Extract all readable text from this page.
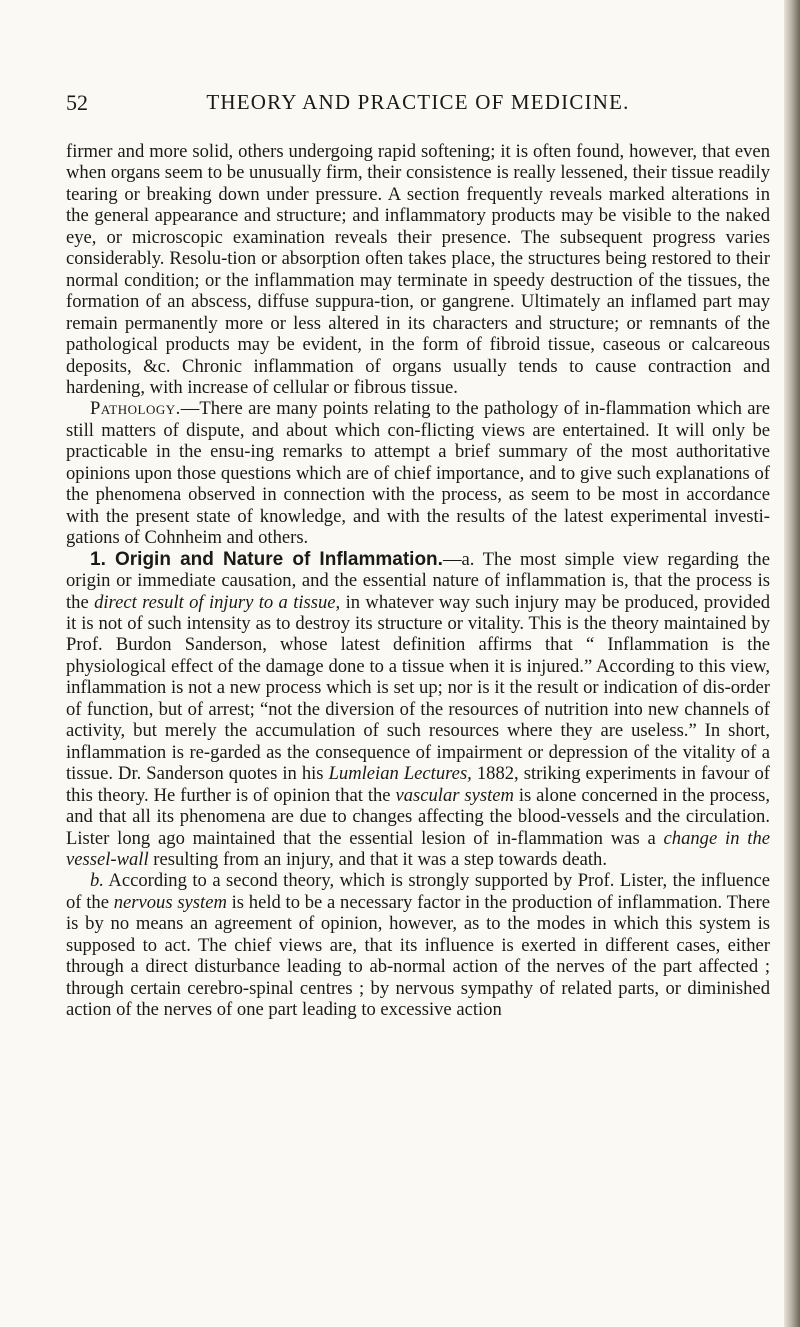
52	THEORY AND PRACTICE OF MEDICINE.

firmer and more solid, others undergoing rapid softening; it is often found, however, that even when organs seem to be unusually firm, their consistence is really lessened, their tissue readily tearing or breaking down under pressure. A section frequently reveals marked alterations in the general appearance and structure; and inflammatory products may be visible to the naked eye, or microscopic examination reveals their presence. The subsequent progress varies considerably. Resolu-tion or absorption often takes place, the structures being restored to their normal condition; or the inflammation may terminate in speedy destruction of the tissues, the formation of an abscess, diffuse suppura-tion, or gangrene. Ultimately an inflamed part may remain permanently more or less altered in its characters and structure; or remnants of the pathological products may be evident, in the form of fibroid tissue, caseous or calcareous deposits, &c. Chronic inflammation of organs usually tends to cause contraction and hardening, with increase of cellular or fibrous tissue.

Pathology.—There are many points relating to the pathology of in-flammation which are still matters of dispute, and about which con-flicting views are entertained. It will only be practicable in the ensu-ing remarks to attempt a brief summary of the most authoritative opinions upon those questions which are of chief importance, and to give such explanations of the phenomena observed in connection with the process, as seem to be most in accordance with the present state of knowledge, and with the results of the latest experimental investi-gations of Cohnheim and others.

1. Origin and Nature of Inflammation.—a. The most simple view regarding the origin or immediate causation, and the essential nature of inflammation is, that the process is the direct result of injury to a tissue, in whatever way such injury may be produced, provided it is not of such intensity as to destroy its structure or vitality. This is the theory maintained by Prof. Burdon Sanderson, whose latest definition affirms that “ Inflammation is the physiological effect of the damage done to a tissue when it is injured.” According to this view, inflammation is not a new process which is set up; nor is it the result or indication of dis-order of function, but of arrest; “not the diversion of the resources of nutrition into new channels of activity, but merely the accumulation of such resources where they are useless.” In short, inflammation is re-garded as the consequence of impairment or depression of the vitality of a tissue. Dr. Sanderson quotes in his Lumleian Lectures, 1882, striking experiments in favour of this theory. He further is of opinion that the vascular system is alone concerned in the process, and that all its phenomena are due to changes affecting the blood-vessels and the circulation. Lister long ago maintained that the essential lesion of in-flammation was a change in the vessel-wall resulting from an injury, and that it was a step towards death.

b. According to a second theory, which is strongly supported by Prof. Lister, the influence of the nervous system is held to be a necessary factor in the production of inflammation. There is by no means an agreement of opinion, however, as to the modes in which this system is supposed to act. The chief views are, that its influence is exerted in different cases, either through a direct disturbance leading to ab-normal action of the nerves of the part affected ; through certain cerebro-spinal centres ; by nervous sympathy of related parts, or diminished action of the nerves of one part leading to excessive action
